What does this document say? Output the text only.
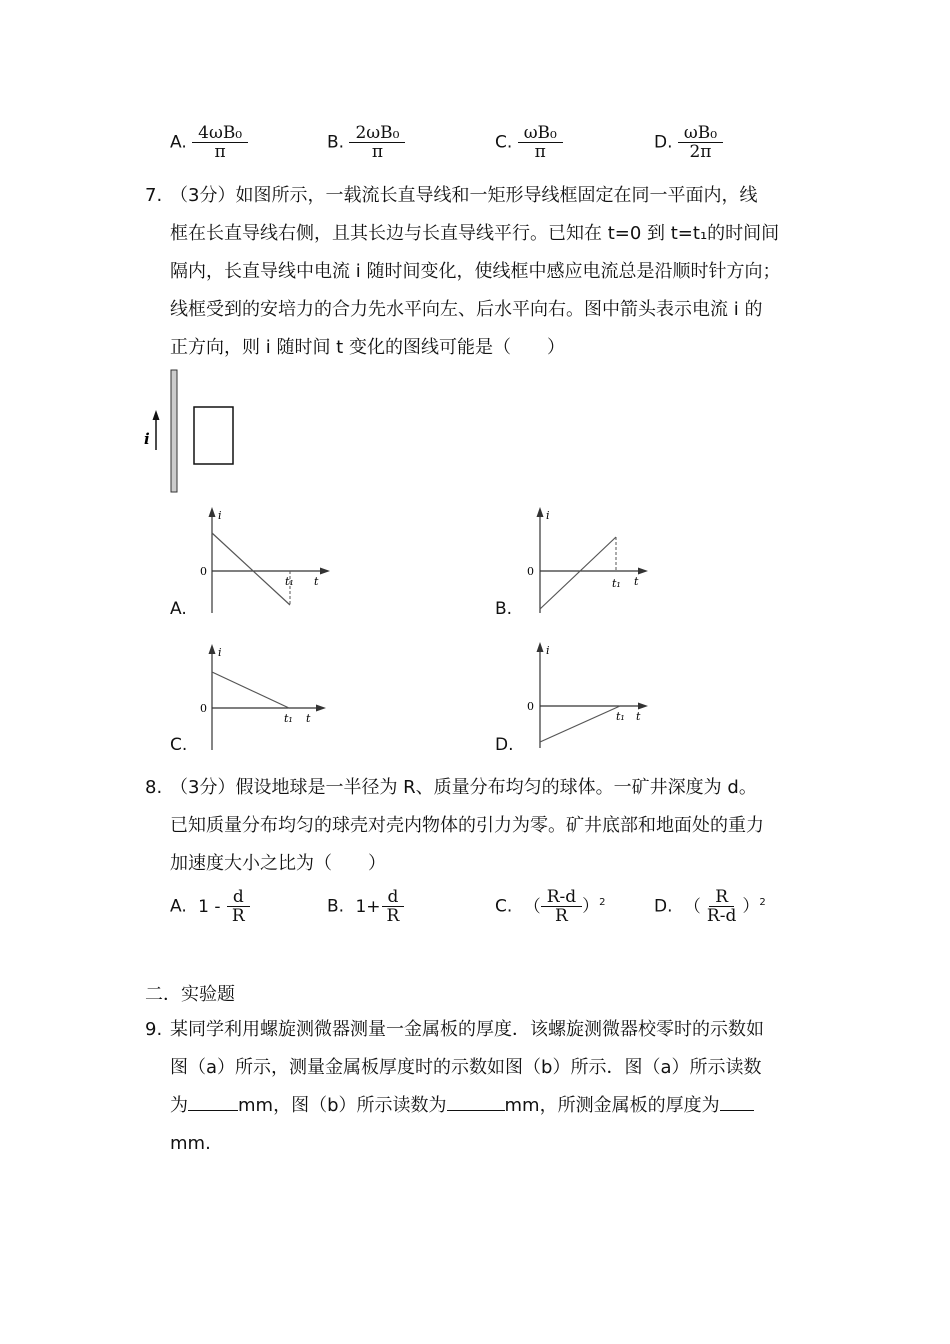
A. $\frac{\text{4ωB₀}}{\pi}$	B. $\frac{\text{2ωB₀}}{\pi}$	C. $\frac{\text{ωB₀}}{\pi}$	D. $\frac{\text{ωB₀}}{2\pi}$
7. （3分）如图所示，一载流长直导线和一矩形导线框固定在同一平面内，线
框在长直导线右侧，且其长边与长直导线平行。已知在 t=0 到 t=t₁的时间间
隔内，长直导线中电流 i 随时间变化，使线框中感应电流总是沿顺时针方向；
线框受到的安培力的合力先水平向左、后水平向右。图中箭头表示电流 i 的
正方向，则 i 随时间 t 变化的图线可能是（　　）
i
i
t
0
t₁
A.
i
t
0
t₁
B.
i
t
0
t₁
C.
i
t
0
t₁
D.
8. （3分）假设地球是一半径为 R、质量分布均匀的球体。一矿井深度为 d。
已知质量分布均匀的球壳对壳内物体的引力为零。矿井底部和地面处的重力
加速度大小之比为（　　）
A. $1 - \frac{d}{R}$	B. $1+ \frac{d}{R}$	C. （ $\frac{R-d}{R} )^2$	D. （ $\frac{R}{R-d} )^2$
二．实验题
9. 某同学利用螺旋测微器测量一金属板的厚度．该螺旋测微器校零时的示数如
图（a）所示，测量金属板厚度时的示数如图（b）所示．图（a）所示读数
为	mm，图（b）所示读数为	mm，所测金属板的厚度为
mm.
